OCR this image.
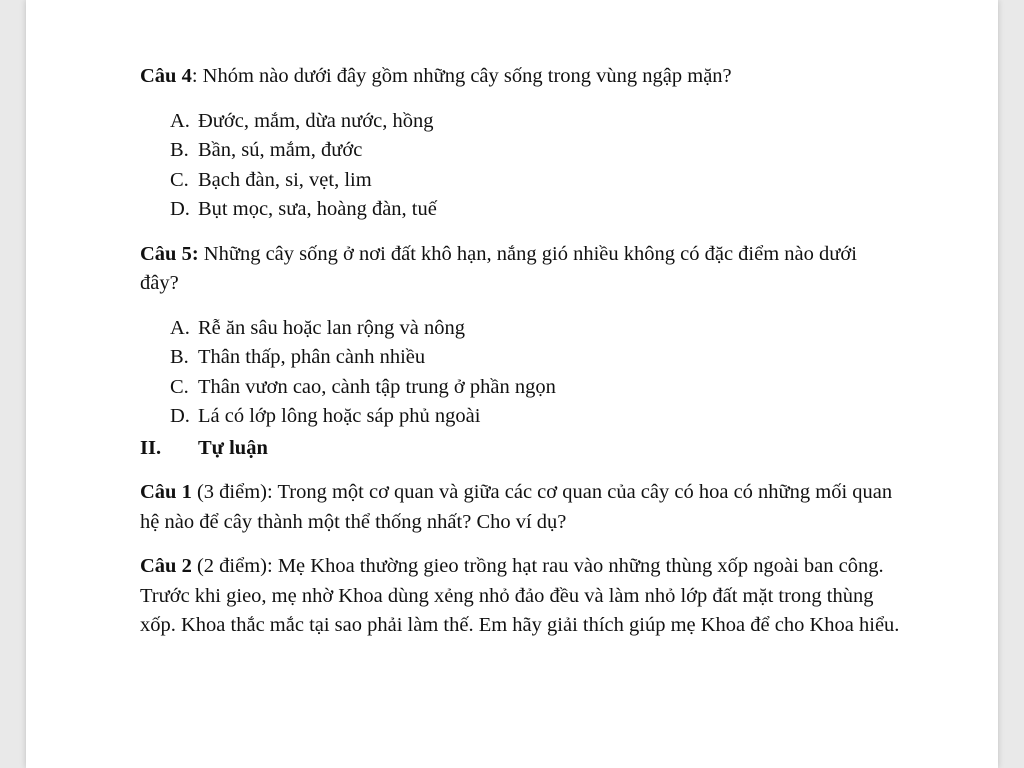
Câu 4: Nhóm nào dưới đây gồm những cây sống trong vùng ngập mặn?

A. Đước, mắm, dừa nước, hồng
B. Bần, sú, mắm, đước
C. Bạch đàn, si, vẹt, lim
D. Bụt mọc, sưa, hoàng đàn, tuế

Câu 5: Những cây sống ở nơi đất khô hạn, nắng gió nhiều không có đặc điểm nào dưới đây?

A. Rễ ăn sâu hoặc lan rộng và nông
B. Thân thấp, phân cành nhiều
C. Thân vươn cao, cành tập trung ở phần ngọn
D. Lá có lớp lông hoặc sáp phủ ngoài

II. Tự luận

Câu 1 (3 điểm): Trong một cơ quan và giữa các cơ quan của cây có hoa có những mối quan hệ nào để cây thành một thể thống nhất? Cho ví dụ?

Câu 2 (2 điểm): Mẹ Khoa thường gieo trồng hạt rau vào những thùng xốp ngoài ban công. Trước khi gieo, mẹ nhờ Khoa dùng xẻng nhỏ đảo đều và làm nhỏ lớp đất mặt trong thùng xốp. Khoa thắc mắc tại sao phải làm thế. Em hãy giải thích giúp mẹ Khoa để cho Khoa hiểu.
